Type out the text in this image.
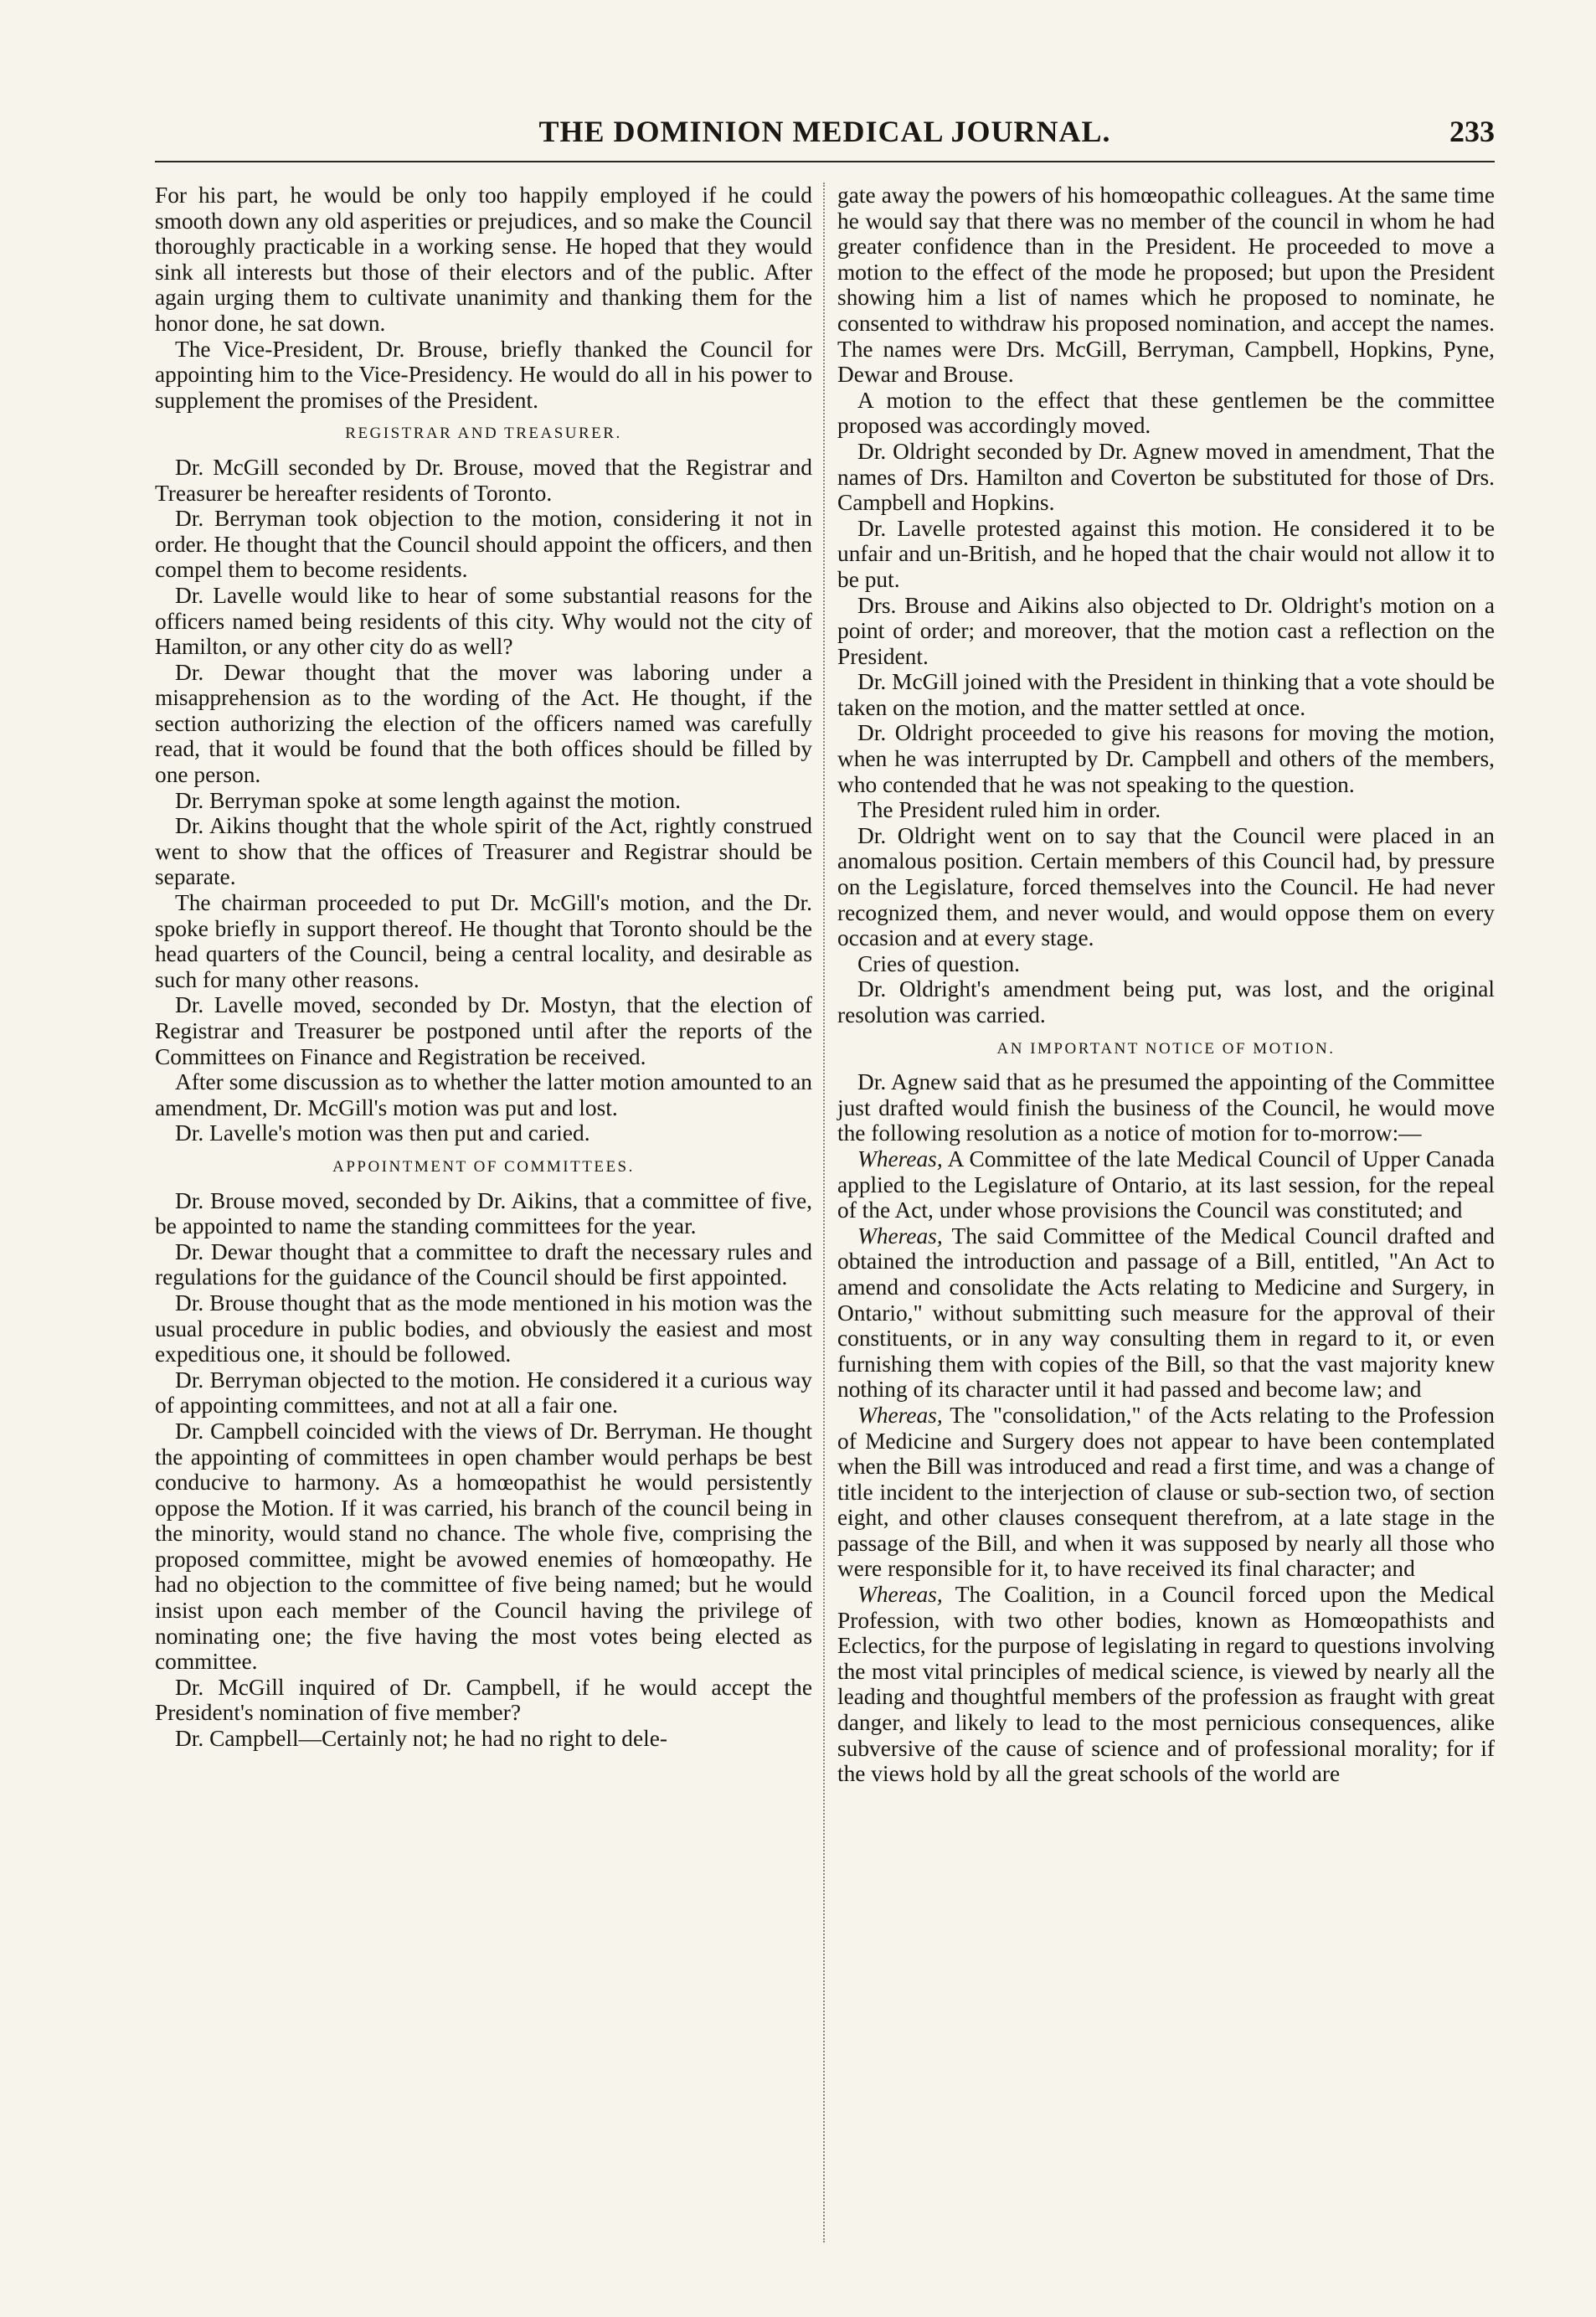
THE DOMINION MEDICAL JOURNAL.	233

For his part, he would be only too happily employed if he could smooth down any old asperities or prejudices, and so make the Council thoroughly practicable in a working sense. He hoped that they would sink all interests but those of their electors and of the public. After again urging them to cultivate unanimity and thanking them for the honor done, he sat down.

The Vice-President, Dr. Brouse, briefly thanked the Council for appointing him to the Vice-Presidency. He would do all in his power to supplement the promises of the President.

REGISTRAR AND TREASURER.

Dr. McGill seconded by Dr. Brouse, moved that the Registrar and Treasurer be hereafter residents of Toronto.

Dr. Berryman took objection to the motion, considering it not in order. He thought that the Council should appoint the officers, and then compel them to become residents.

Dr. Lavelle would like to hear of some substantial reasons for the officers named being residents of this city. Why would not the city of Hamilton, or any other city do as well?

Dr. Dewar thought that the mover was laboring under a misapprehension as to the wording of the Act. He thought, if the section authorizing the election of the officers named was carefully read, that it would be found that the both offices should be filled by one person.

Dr. Berryman spoke at some length against the motion.

Dr. Aikins thought that the whole spirit of the Act, rightly construed went to show that the offices of Treasurer and Registrar should be separate.

The chairman proceeded to put Dr. McGill's motion, and the Dr. spoke briefly in support thereof. He thought that Toronto should be the head quarters of the Council, being a central locality, and desirable as such for many other reasons.

Dr. Lavelle moved, seconded by Dr. Mostyn, that the election of Registrar and Treasurer be postponed until after the reports of the Committees on Finance and Registration be received.

After some discussion as to whether the latter motion amounted to an amendment, Dr. McGill's motion was put and lost.

Dr. Lavelle's motion was then put and caried.

APPOINTMENT OF COMMITTEES.

Dr. Brouse moved, seconded by Dr. Aikins, that a committee of five, be appointed to name the standing committees for the year.

Dr. Dewar thought that a committee to draft the necessary rules and regulations for the guidance of the Council should be first appointed.

Dr. Brouse thought that as the mode mentioned in his motion was the usual procedure in public bodies, and obviously the easiest and most expeditious one, it should be followed.

Dr. Berryman objected to the motion. He considered it a curious way of appointing committees, and not at all a fair one.

Dr. Campbell coincided with the views of Dr. Berryman. He thought the appointing of committees in open chamber would perhaps be best conducive to harmony. As a homœopathist he would persistently oppose the Motion. If it was carried, his branch of the council being in the minority, would stand no chance. The whole five, comprising the proposed committee, might be avowed enemies of homœopathy. He had no objection to the committee of five being named; but he would insist upon each member of the Council having the privilege of nominating one; the five having the most votes being elected as committee.

Dr. McGill inquired of Dr. Campbell, if he would accept the President's nomination of five member?

Dr. Campbell—Certainly not; he had no right to dele-

gate away the powers of his homœopathic colleagues. At the same time he would say that there was no member of the council in whom he had greater confidence than in the President. He proceeded to move a motion to the effect of the mode he proposed; but upon the President showing him a list of names which he proposed to nominate, he consented to withdraw his proposed nomination, and accept the names. The names were Drs. McGill, Berryman, Campbell, Hopkins, Pyne, Dewar and Brouse.

A motion to the effect that these gentlemen be the committee proposed was accordingly moved.

Dr. Oldright seconded by Dr. Agnew moved in amendment, That the names of Drs. Hamilton and Coverton be substituted for those of Drs. Campbell and Hopkins.

Dr. Lavelle protested against this motion. He considered it to be unfair and un-British, and he hoped that the chair would not allow it to be put.

Drs. Brouse and Aikins also objected to Dr. Oldright's motion on a point of order; and moreover, that the motion cast a reflection on the President.

Dr. McGill joined with the President in thinking that a vote should be taken on the motion, and the matter settled at once.

Dr. Oldright proceeded to give his reasons for moving the motion, when he was interrupted by Dr. Campbell and others of the members, who contended that he was not speaking to the question.

The President ruled him in order.

Dr. Oldright went on to say that the Council were placed in an anomalous position. Certain members of this Council had, by pressure on the Legislature, forced themselves into the Council. He had never recognized them, and never would, and would oppose them on every occasion and at every stage.

Cries of question.

Dr. Oldright's amendment being put, was lost, and the original resolution was carried.

AN IMPORTANT NOTICE OF MOTION.

Dr. Agnew said that as he presumed the appointing of the Committee just drafted would finish the business of the Council, he would move the following resolution as a notice of motion for to-morrow:—

Whereas, A Committee of the late Medical Council of Upper Canada applied to the Legislature of Ontario, at its last session, for the repeal of the Act, under whose provisions the Council was constituted; and

Whereas, The said Committee of the Medical Council drafted and obtained the introduction and passage of a Bill, entitled, "An Act to amend and consolidate the Acts relating to Medicine and Surgery, in Ontario," without submitting such measure for the approval of their constituents, or in any way consulting them in regard to it, or even furnishing them with copies of the Bill, so that the vast majority knew nothing of its character until it had passed and become law; and

Whereas, The "consolidation," of the Acts relating to the Profession of Medicine and Surgery does not appear to have been contemplated when the Bill was introduced and read a first time, and was a change of title incident to the interjection of clause or sub-section two, of section eight, and other clauses consequent therefrom, at a late stage in the passage of the Bill, and when it was supposed by nearly all those who were responsible for it, to have received its final character; and

Whereas, The Coalition, in a Council forced upon the Medical Profession, with two other bodies, known as Homœopathists and Eclectics, for the purpose of legislating in regard to questions involving the most vital principles of medical science, is viewed by nearly all the leading and thoughtful members of the profession as fraught with great danger, and likely to lead to the most pernicious consequences, alike subversive of the cause of science and of professional morality; for if the views hold by all the great schools of the world are
